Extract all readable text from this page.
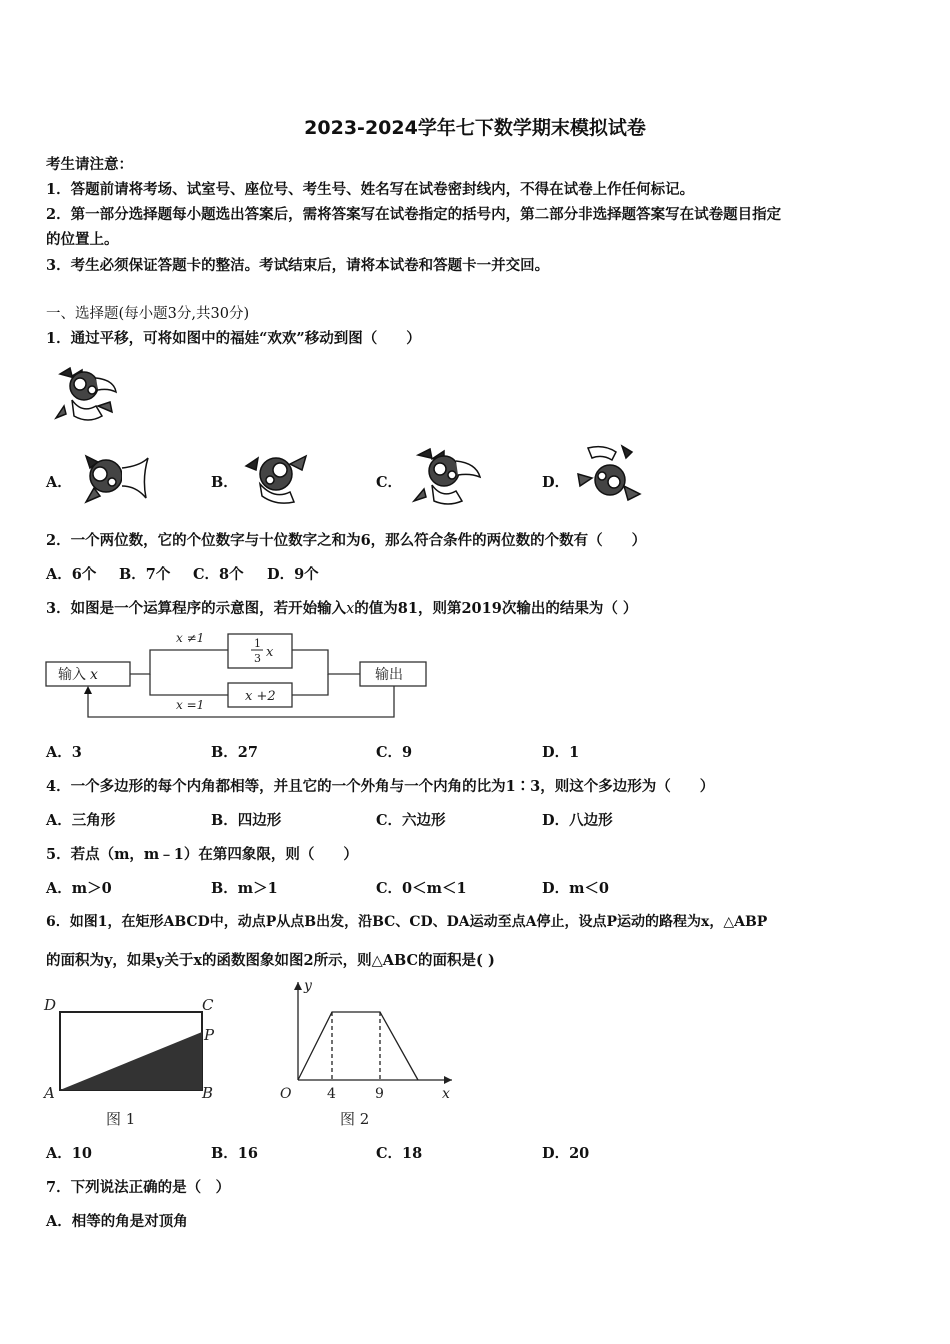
2023-2024学年七下数学期末模拟试卷
考生请注意：
1．答题前请将考场、试室号、座位号、考生号、姓名写在试卷密封线内，不得在试卷上作任何标记。
2．第一部分选择题每小题选出答案后，需将答案写在试卷指定的括号内，第二部分非选择题答案写在试卷题目指定
的位置上。
3．考生必须保证答题卡的整洁。考试结束后，请将本试卷和答题卡一并交回。
一、选择题(每小题3分,共30分)
1．通过平移，可将如图中的福娃“欢欢”移动到图（　　）
A．	B．	C．	D．
2．一个两位数，它的个位数字与十位数字之和为6，那么符合条件的两位数的个数有（　　）
A．6个 B．7个 C．8个 D．9个
3．如图是一个运算程序的示意图，若开始输入x的值为81，则第2019次输出的结果为（ ）
输入 x	输出
x ≠1
x =1
1
3 x
x +2
A．3	B．27	C．9	D．1
4．一个多边形的每个内角都相等，并且它的一个外角与一个内角的比为1∶3，则这个多边形为（　　）
A．三角形	B．四边形	C．六边形	D．八边形
5．若点（m，m﹣1）在第四象限，则（　　）
A．m＞0	B．m＞1	C．0＜m＜1	D．m＜0
6．如图1，在矩形ABCD中，动点P从点B出发，沿BC、CD、DA运动至点A停止，设点P运动的路程为x，△ABP
的面积为y，如果y关于x的函数图象如图2所示，则△ABC的面积是( )
D	C
P
A	B
图 1
y
x
O	4	9
图 2
A．10	B．16	C．18	D．20
7．下列说法正确的是（　）
A．相等的角是对顶角
